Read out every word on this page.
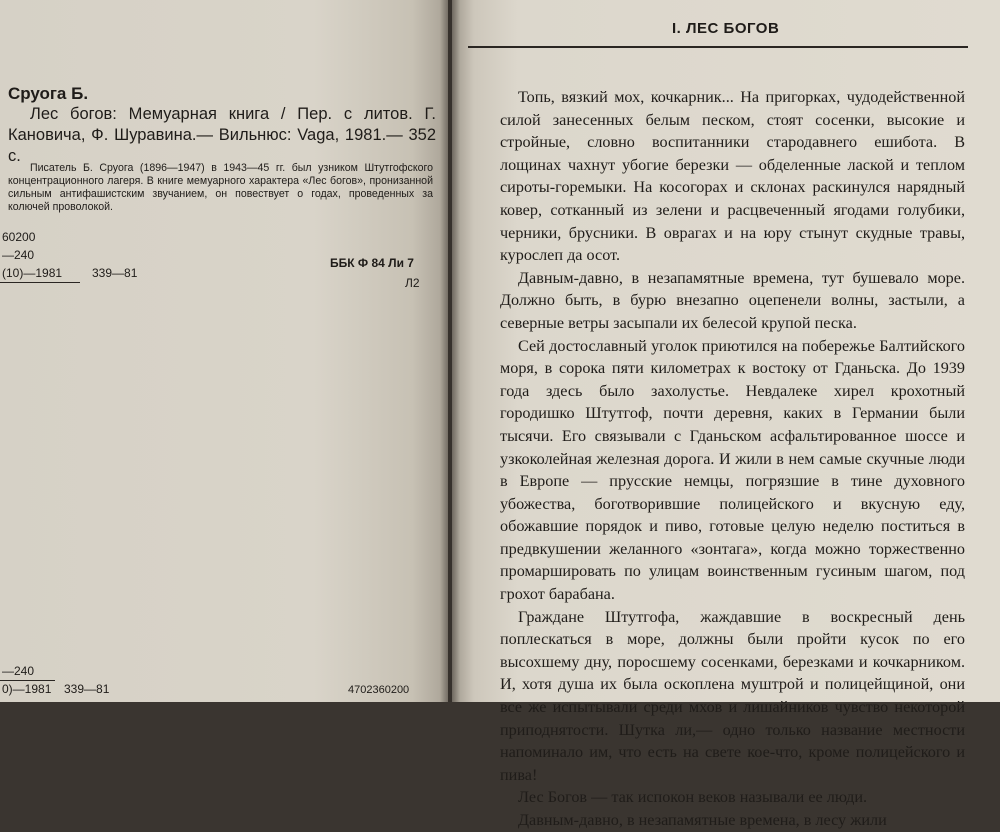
Сруога Б.
Лес богов: Мемуарная книга / Пер. с литов. Г. Кановича, Ф. Шуравина.— Вильнюс: Vaga, 1981.— 352 с.
Писатель Б. Сруога (1896—1947) в 1943—45 гг. был узником Штутгофского концентрационного лагеря. В книге мемуарного характера «Лес богов», пронизанной сильным антифашистским звучанием, он повествует о годах, проведенных за колючей проволокой.
60200
—240
(10)—1981 339—81
ББК Ф 84 Ли 7
Л2
—240
0)—1981 339—81	4702360200
I. ЛЕС БОГОВ

Топь, вязкий мох, кочкарник... На пригорках, чудодейственной силой занесенных белым песком, стоят сосенки, высокие и стройные, словно воспитанники стародавнего ешибота. В лощинах чахнут убогие березки — обделенные лаской и теплом сироты-горемыки. На косогорах и склонах раскинулся нарядный ковер, сотканный из зелени и расцвеченный ягодами голубики, черники, брусники. В оврагах и на юру стынут скудные травы, куроcлеп да осот.

Давным-давно, в незапамятные времена, тут бушевало море. Должно быть, в бурю внезапно оцепенели волны, застыли, а северные ветры засыпали их белесой крупой песка.

Сей достославный уголок приютился на побережье Балтийского моря, в сорока пяти километрах к востоку от Гданьска. До 1939 года здесь было захолустье. Невдалеке хирел крохотный городишко Штутгоф, почти деревня, каких в Германии были тысячи. Его связывали с Гданьском асфальтированное шоссе и узкоколейная железная дорога. И жили в нем самые скучные люди в Европе — прусские немцы, погрязшие в тине духовного убожества, боготворившие полицейского и вкусную еду, обожавшие порядок и пиво, готовые целую неделю поститься в предвкушении желанного «зонтага», когда можно торжественно промаршировать по улицам воинственным гусиным шагом, под грохот барабана.

Граждане Штутгофа, жаждавшие в воскресный день поплескаться в море, должны были пройти кусок по его высохшему дну, поросшему сосенками, березками и кочкарником. И, хотя душа их была оскоплена муштрой и полицейщиной, они все же испытывали среди мхов и лишайников чувство некоторой приподнятости. Шутка ли,— одно только название местности напоминало им, что есть на свете кое-что, кроме полицейского и пива!

Лес Богов — так испокон веков называли ее люди.

Давным-давно, в незапамятные времена, в лесу жили
